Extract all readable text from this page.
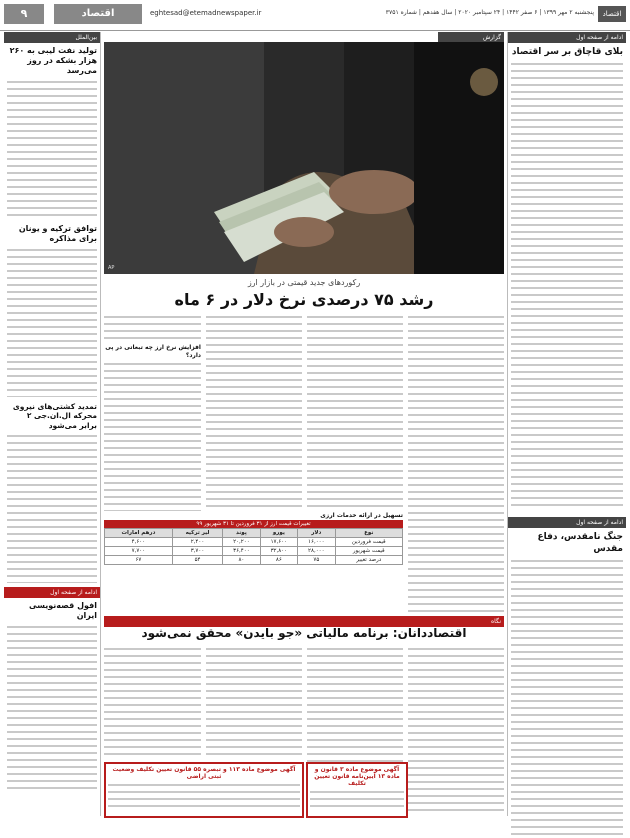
اقتصاد
پنجشنبه ۲ مهر ۱۳۹۹ | ۶ صفر ۱۴۴۲ | ۲۴ سپتامبر ۲۰۲۰ | سال هفدهم | شماره ۳۷۵۱
eghtesad@etemadnewspaper.ir
اقتصاد
۹
ادامه از صفحه اول
بلای قاچاق بر سر اقتصاد
ادامه از صفحه اول
جنگ نامقدس، دفاع مقدس
گزارش
AP
رکوردهای جدید قیمتی در بازار ارز
رشد ۷۵ درصدی نرخ دلار در ۶ ماه
افزایش نرخ ارز چه تبعاتی در پی دارد؟
تسهیل در ارائه خدمات ارزی
تغییرات قیمت ارز از ۳۱ فروردین تا ۳۱ شهریور ۹۹
نوع	دلار	یورو	پوند	لیر ترکیه	درهم امارات
قیمت فروردین	۱۶,۰۰۰	۱۷,۶۰۰	۲۰,۲۰۰	۲,۴۰۰	۴,۶۰۰
قیمت شهریور	۲۸,۰۰۰	۳۲,۸۰۰	۳۶,۴۰۰	۳,۷۰۰	۷,۷۰۰
درصد تغییر	۷۵	۸۶	۸۰	۵۴	۶۷
نگاه
اقتصاددانان: برنامه مالیاتی «جو بایدن» محقق نمی‌شود
آگهی موضوع ماده ۱۱۳ و تبصره ۵۵ قانون تعیین تکلیف وضعیت ثبتی اراضی
آگهی موضوع ماده ۳ قانون و ماده ۱۳ آیین‌نامه قانون تعیین تکلیف
بین‌الملل
تولید نفت لیبی به ۲۶۰ هزار بشکه در روز می‌رسد
توافق ترکیه و یونان برای مذاکره
تمدید کشتی‌های نیروی محرکه ال.ان.جی ۲ برابر می‌شود
ادامه از صفحه اول
افول قصه‌نویسی ایران
